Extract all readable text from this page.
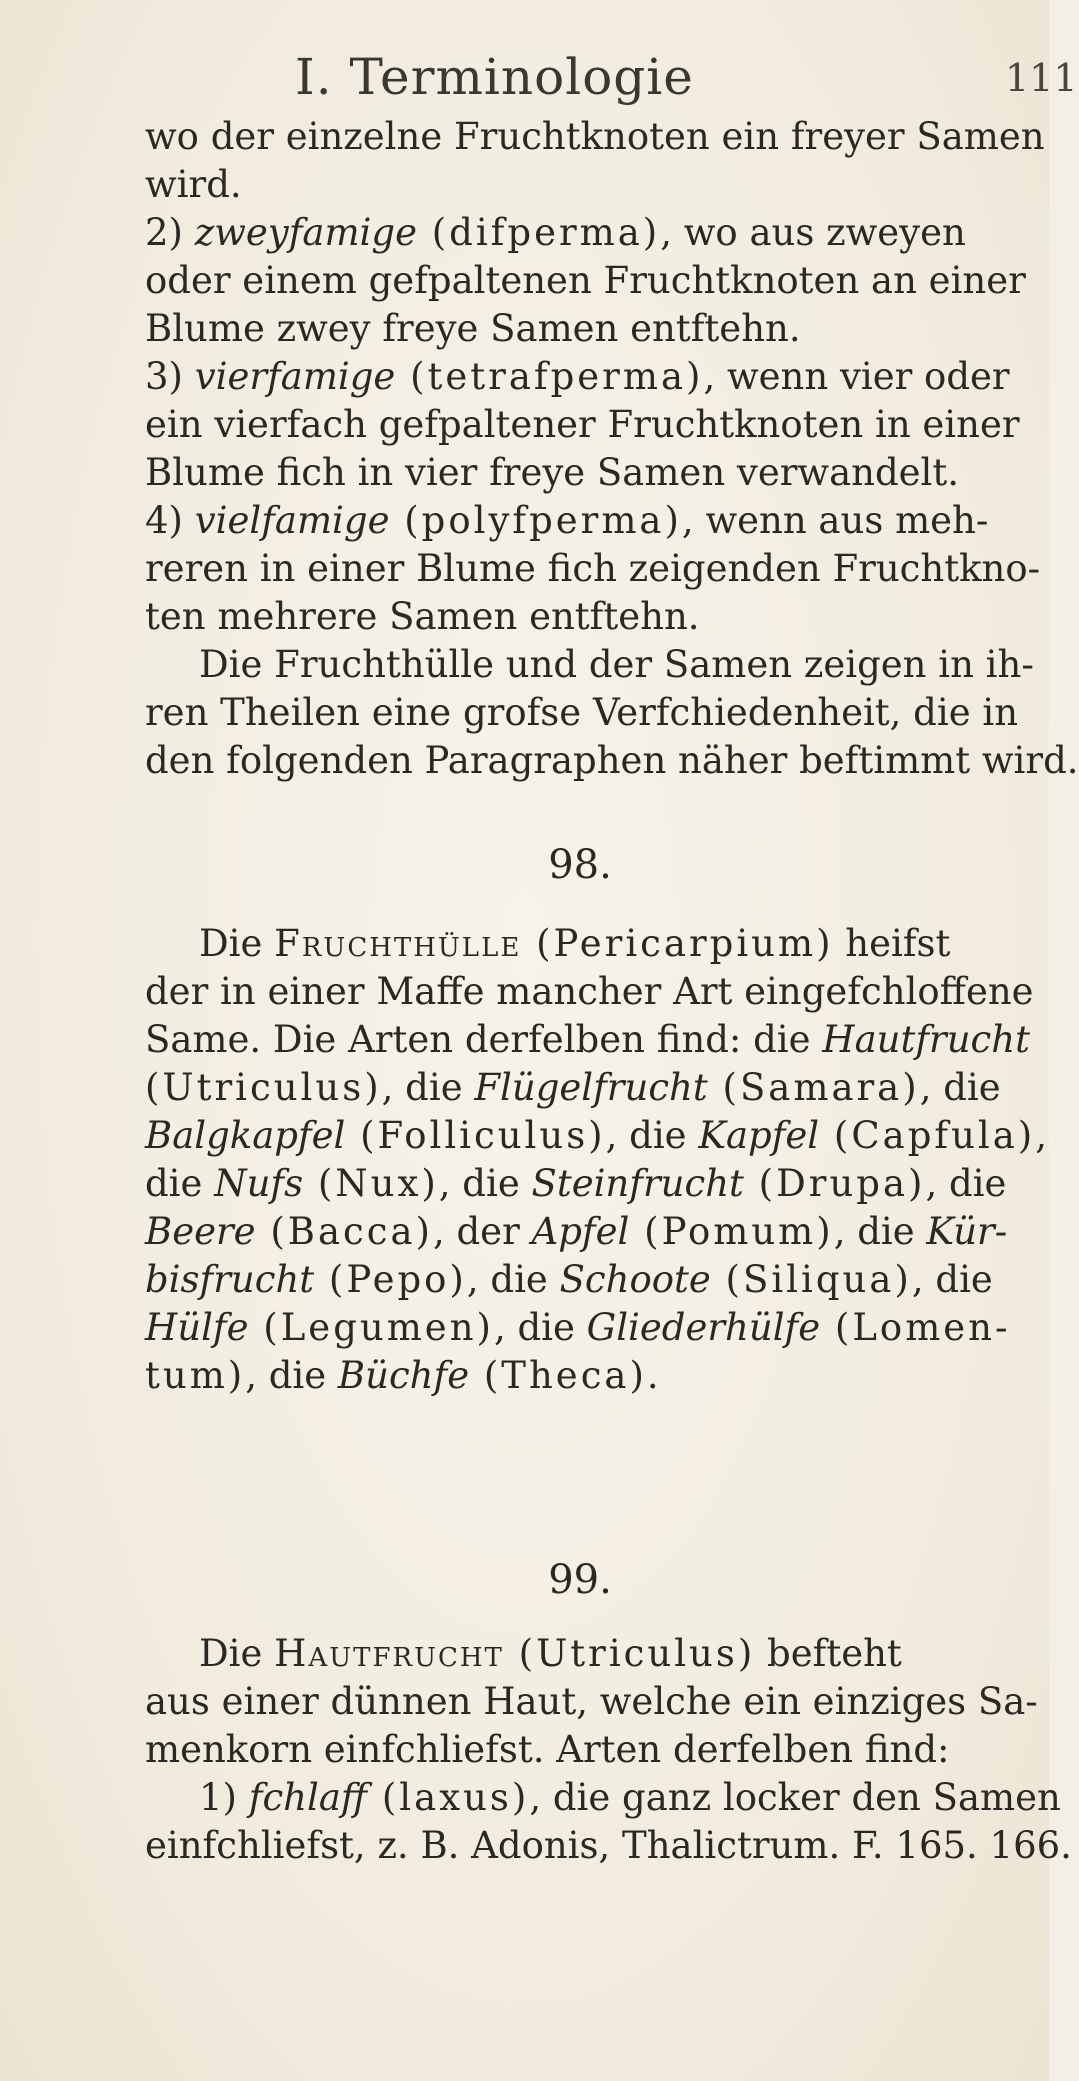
I. Terminologie	111
wo der einzelne Fruchtknoten ein freyer Samen
wird.
2) zweyfamige (difperma), wo aus zweyen
oder einem gefpaltenen Fruchtknoten an einer
Blume zwey freye Samen entftehn.
3) vierfamige (tetrafperma), wenn vier oder
ein vierfach gefpaltener Fruchtknoten in einer
Blume fich in vier freye Samen verwandelt.
4) vielfamige (polyfperma), wenn aus meh-
reren in einer Blume fich zeigenden Fruchtkno-
ten mehrere Samen entftehn.
Die Fruchthülle und der Samen zeigen in ih-
ren Theilen eine grofse Verfchiedenheit, die in
den folgenden Paragraphen näher beftimmt wird.
98.
Die Fruchthülle (Pericarpium) heifst
der in einer Maffe mancher Art eingefchloffene
Same. Die Arten derfelben find: die Hautfrucht
(Utriculus), die Flügelfrucht (Samara), die
Balgkapfel (Folliculus), die Kapfel (Capfula),
die Nufs (Nux), die Steinfrucht (Drupa), die
Beere (Bacca), der Apfel (Pomum), die Kür-
bisfrucht (Pepo), die Schoote (Siliqua), die
Hülfe (Legumen), die Gliederhülfe (Lomen-
tum), die Büchfe (Theca).
99.
Die Hautfrucht (Utriculus) befteht
aus einer dünnen Haut, welche ein einziges Sa-
menkorn einfchliefst. Arten derfelben find:
1) fchlaff (laxus), die ganz locker den Samen
einfchliefst, z. B. Adonis, Thalictrum. F. 165. 166.
